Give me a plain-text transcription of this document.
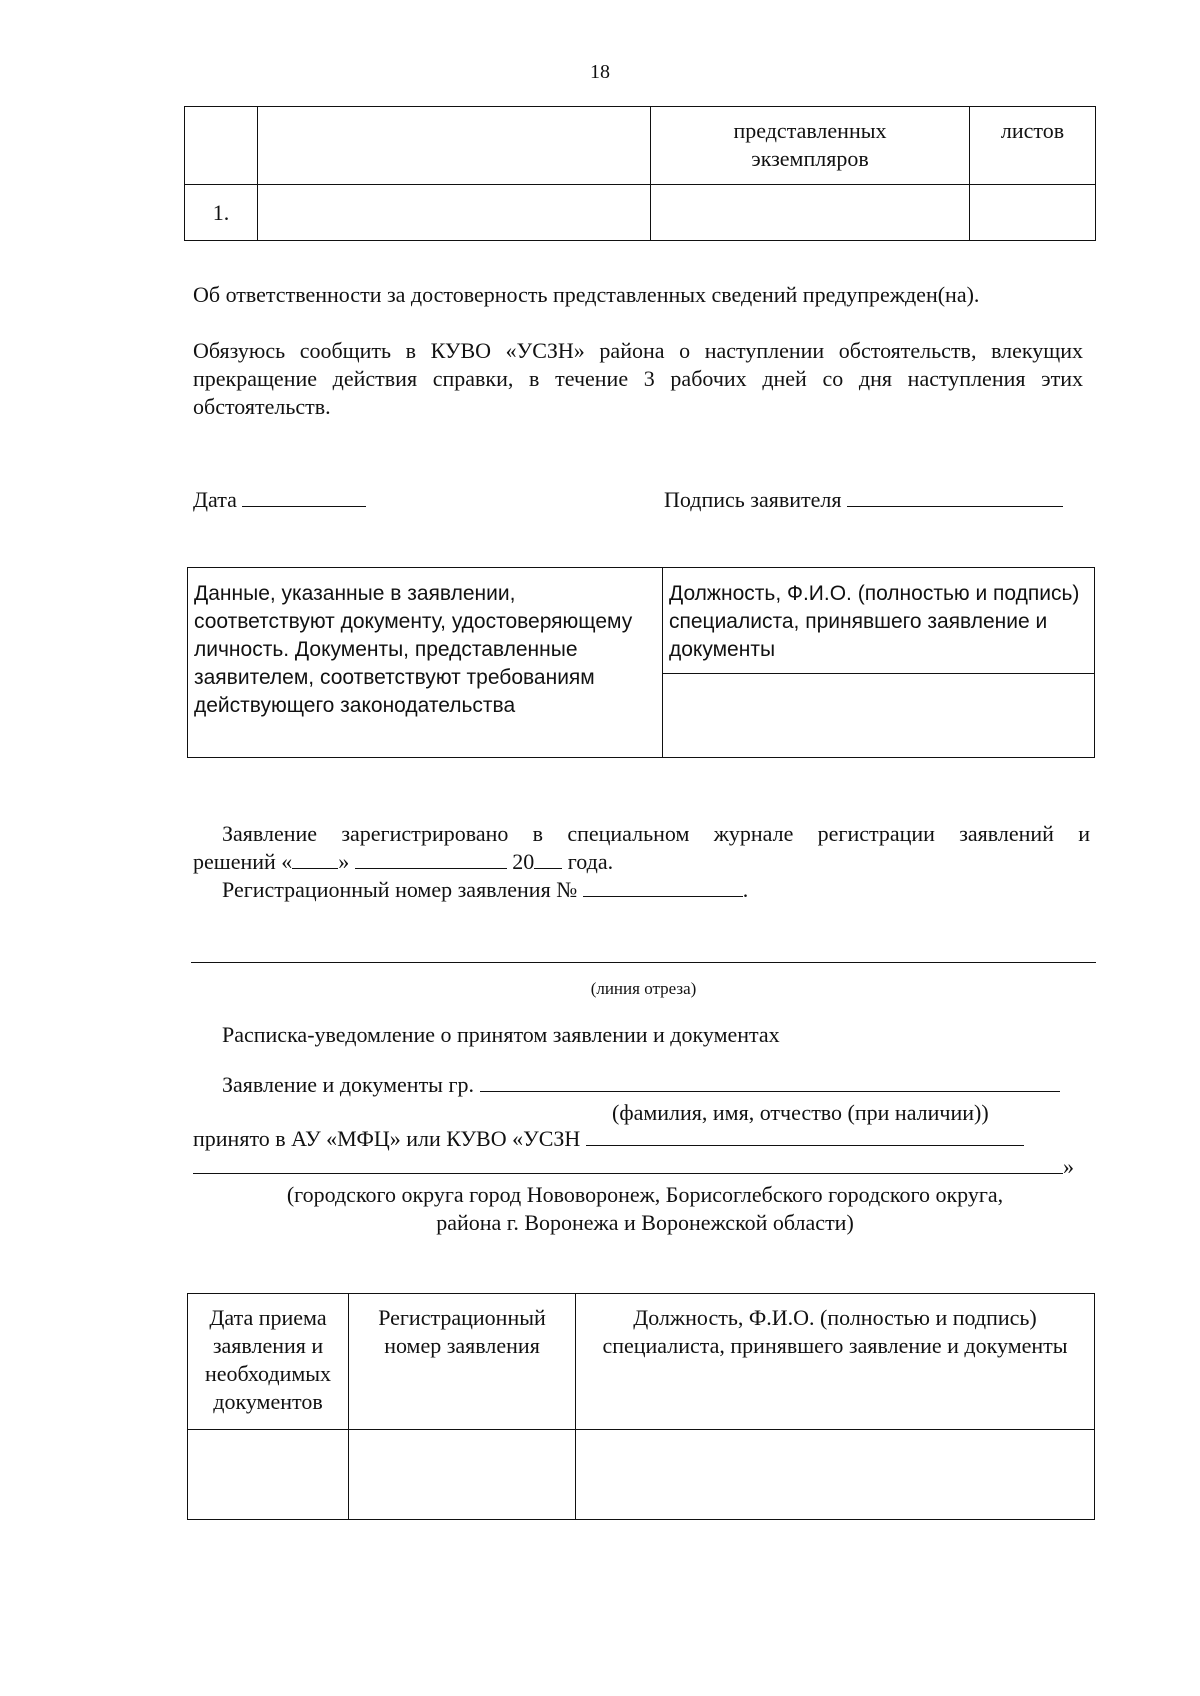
18
		представленных экземпляров	листов
1.			
Об ответственности за достоверность представленных сведений предупрежден(на).
Обязуюсь сообщить в КУВО «УСЗН» района о наступлении обстоятельств, влекущих прекращение действия справки, в течение 3 рабочих дней со дня наступления этих обстоятельств.
Дата	Подпись заявителя
Данные, указанные в заявлении, соответствуют документу, удостоверяющему личность. Документы, представленные заявителем, соответствуют требованиям действующего законодательства	Должность, Ф.И.О. (полностью и подпись) специалиста, принявшего заявление и документы

Заявление зарегистрировано в специальном журнале регистрации заявлений и
решений « »	20 года.
Регистрационный номер заявления №	.
(линия отреза)
Расписка-уведомление о принятом заявлении и документах
Заявление и документы гр.
(фамилия, имя, отчество (при наличии))
принято в АУ «МФЦ» или КУВО «УСЗН
»
(городского округа город Нововоронеж, Борисоглебского городского округа,
района г. Воронежа и Воронежской области)
Дата приема заявления и необходимых документов	Регистрационный номер заявления	Должность, Ф.И.О. (полностью и подпись) специалиста, принявшего заявление и документы
